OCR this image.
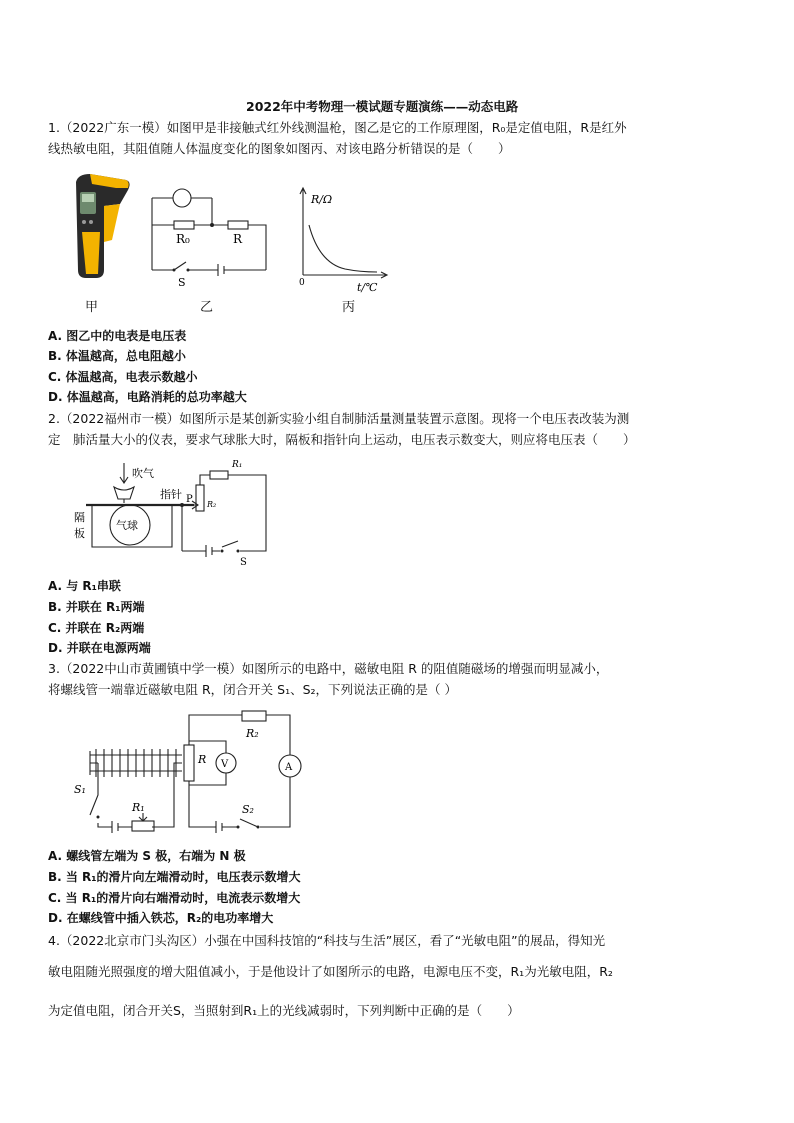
2022年中考物理一模试题专题演练——动态电路
1.（2022广东一模）如图甲是非接触式红外线测温枪，图乙是它的工作原理图，R₀是定值电阻，R是红外
线热敏电阻，其阻值随人体温度变化的图象如图丙、对该电路分析错误的是（　　）
R₀	R
S
R/Ω
t/℃
0
甲	乙	丙
A. 图乙中的电表是电压表
B. 体温越高，总电阻越小
C. 体温越高，电表示数越小
D. 体温越高，电路消耗的总功率越大
2.（2022福州市一模）如图所示是某创新实验小组自制肺活量测量装置示意图。现将一个电压表改装为测
定　肺活量大小的仪表，要求气球胀大时，隔板和指针向上运动，电压表示数变大，则应将电压表（　　）
吹气
指针 P
隔
板
气球
R₁
R₂
S
A. 与 R₁串联
B. 并联在 R₁两端
C. 并联在 R₂两端
D. 并联在电源两端
3.（2022中山市黄圃镇中学一模）如图所示的电路中，磁敏电阻 R 的阻值随磁场的增强而明显减小，
将螺线管一端靠近磁敏电阻 R，闭合开关 S₁、S₂，下列说法正确的是（ ）
S₁
R₁
R V
R₂
A
S₂
A. 螺线管左端为 S 极，右端为 N 极
B. 当 R₁的滑片向左端滑动时，电压表示数增大
C. 当 R₁的滑片向右端滑动时，电流表示数增大
D. 在螺线管中插入铁芯，R₂的电功率增大
4.（2022北京市门头沟区）小强在中国科技馆的“科技与生活”展区，看了“光敏电阻”的展品，得知光
敏电阻随光照强度的增大阻值减小，于是他设计了如图所示的电路，电源电压不变，R₁为光敏电阻，R₂
为定值电阻，闭合开关S，当照射到R₁上的光线减弱时，下列判断中正确的是（　　）
